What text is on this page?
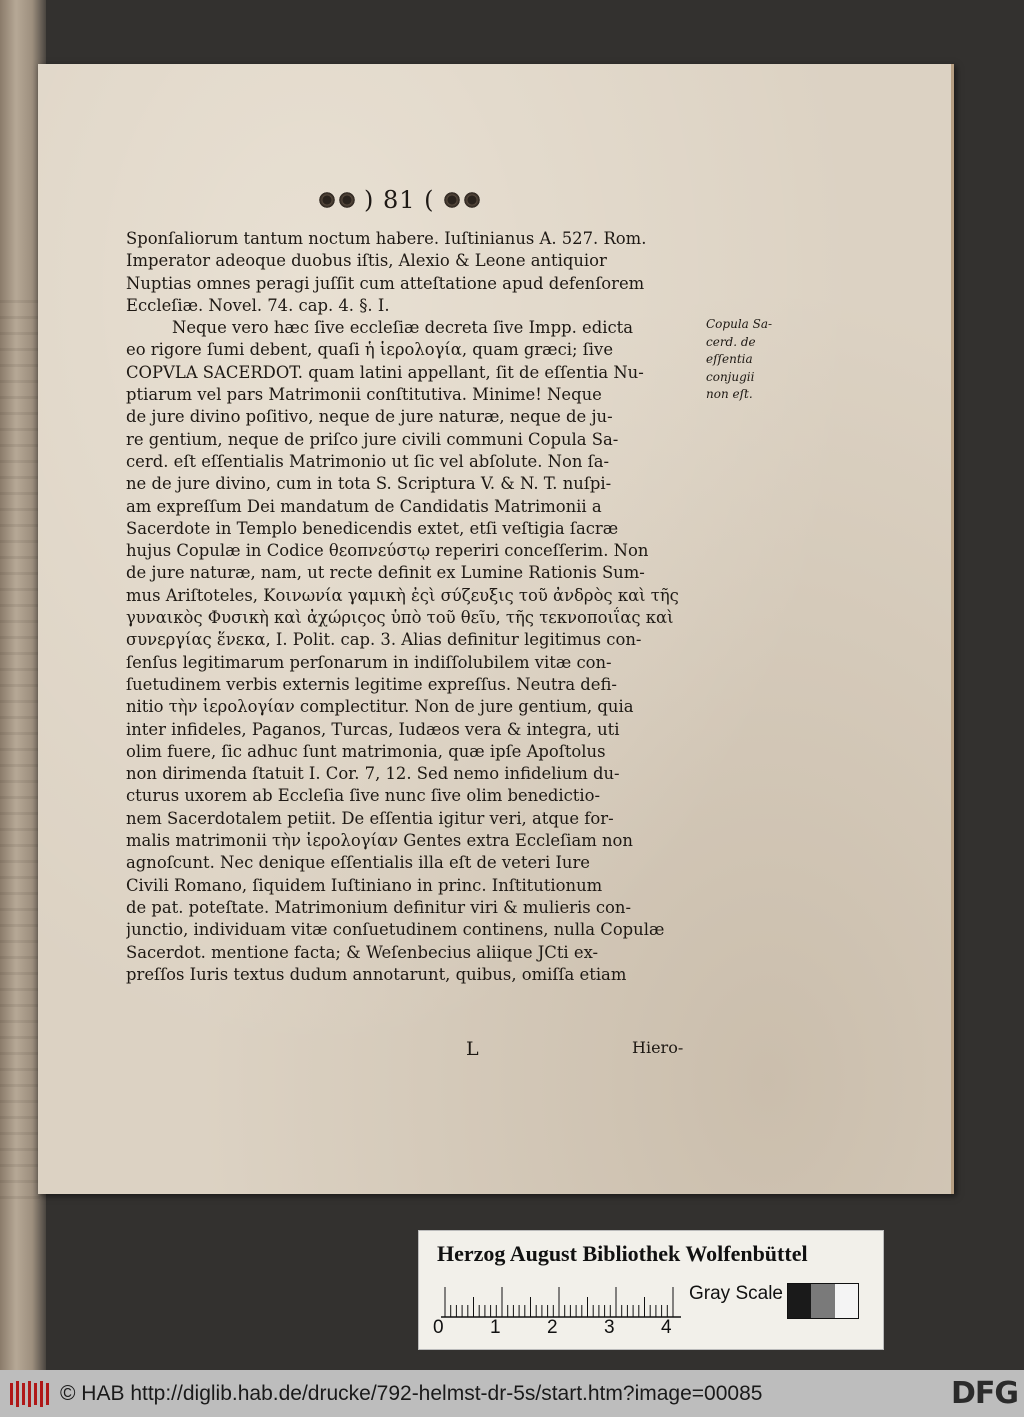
) 81 (
Sponſaliorum tantum noctum habere. Iuſtinianus A. 527. Rom.
Imperator adeoque duobus iſtis, Alexio & Leone antiquior
Nuptias omnes peragi juſſit cum atteſtatione apud defenſorem
Eccleſiæ. Novel. 74. cap. 4. §. I.
Neque vero hæc ſive eccleſiæ decreta ſive Impp. edicta
eo rigore ſumi debent, quaſi ἡ ἱερολογία, quam græci; ſive
COPVLA SACERDOT. quam latini appellant, ſit de eſſentia Nu-
ptiarum vel pars Matrimonii conſtitutiva. Minime! Neque
de jure divino poſitivo, neque de jure naturæ, neque de ju-
re gentium, neque de priſco jure civili communi Copula Sa-
cerd. eſt eſſentialis Matrimonio ut ſic vel abſolute. Non ſa-
ne de jure divino, cum in tota S. Scriptura V. & N. T. nuſpi-
am expreſſum Dei mandatum de Candidatis Matrimonii a
Sacerdote in Templo benedicendis extet, etſi veſtigia ſacræ
hujus Copulæ in Codice θεοπνεύστῳ reperiri conceſſerim. Non
de jure naturæ, nam, ut recte definit ex Lumine Rationis Sum-
mus Ariſtoteles, Κοινωνία γαμικὴ ἐςὶ σύζευξις τοῦ ἀνδρὸς καὶ τῆς
γυναικὸς Φυσικὴ καὶ ἀχώριςος ὑπὸ τοῦ θεῖυ, τῆς τεκνοποιΐας καὶ
συνεργίας ἕνεκα, I. Polit. cap. 3. Alias definitur legitimus con-
ſenſus legitimarum perſonarum in indiſſolubilem vitæ con-
ſuetudinem verbis externis legitime expreſſus. Neutra defi-
nitio τὴν ἱερολογίαν complectitur. Non de jure gentium, quia
inter infideles, Paganos, Turcas, Iudæos vera & integra, uti
olim fuere, ſic adhuc ſunt matrimonia, quæ ipſe Apoſtolus
non dirimenda ſtatuit I. Cor. 7, 12. Sed nemo infidelium du-
cturus uxorem ab Eccleſia ſive nunc ſive olim benedictio-
nem Sacerdotalem petiit. De eſſentia igitur veri, atque for-
malis matrimonii τὴν ἱερολογίαν Gentes extra Eccleſiam non
agnoſcunt. Nec denique eſſentialis illa eſt de veteri Iure
Civili Romano, ſiquidem Iuſtiniano in princ. Inſtitutionum
de pat. poteſtate. Matrimonium definitur viri & mulieris con-
junctio, individuam vitæ conſuetudinem continens, nulla Copulæ
Sacerdot. mentione facta; & Weſenbecius aliique JCti ex-
preſſos Iuris textus dudum annotarunt, quibus, omiſſa etiam
Copula Sa-
cerd. de
eſſentia
conjugii
non eſt.
L	Hiero-
Herzog August Bibliothek Wolfenbüttel
0 1 2 3 4
Gray Scale
© HAB http://diglib.hab.de/drucke/792-helmst-dr-5s/start.htm?image=00085	DFG
